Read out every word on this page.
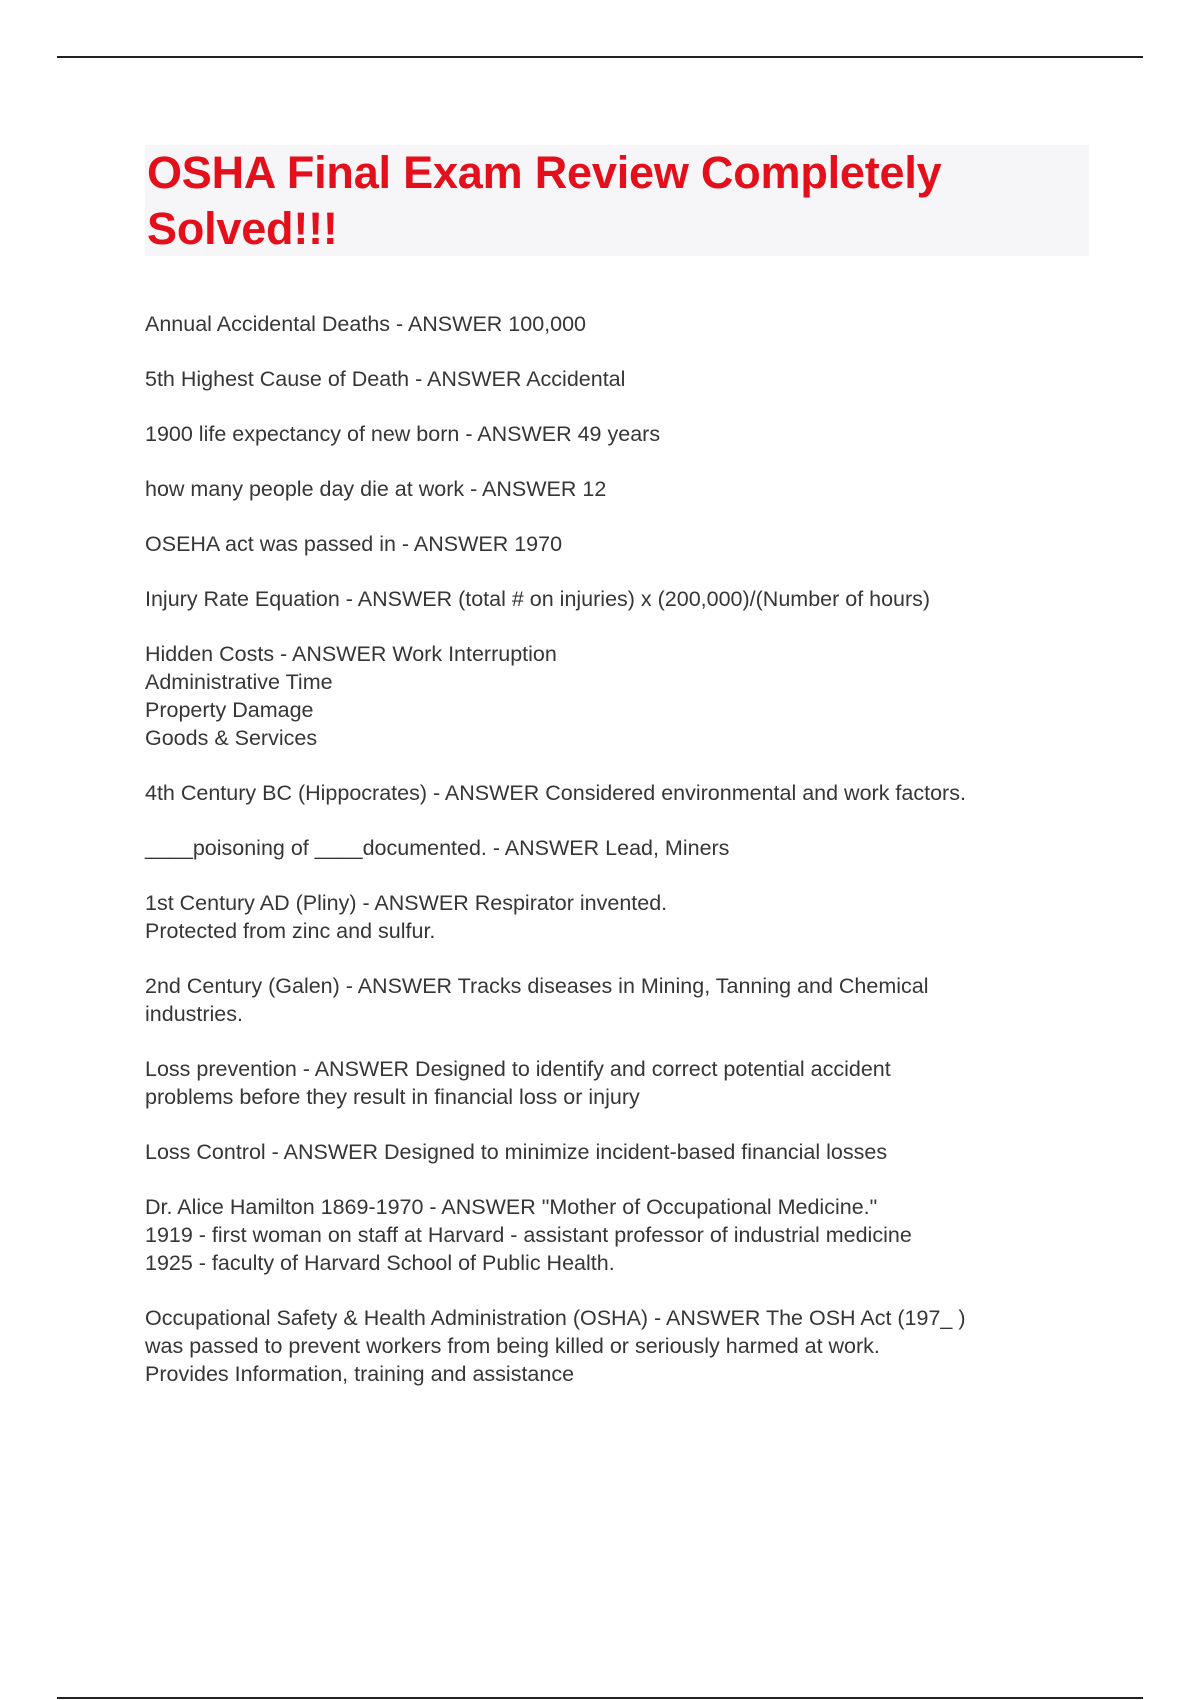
OSHA Final Exam Review Completely
Solved!!!

Annual Accidental Deaths - ANSWER 100,000

5th Highest Cause of Death - ANSWER Accidental

1900 life expectancy of new born - ANSWER 49 years

how many people day die at work - ANSWER 12

OSEHA act was passed in - ANSWER 1970

Injury Rate Equation - ANSWER (total # on injuries) x (200,000)/(Number of hours)

Hidden Costs - ANSWER Work Interruption
Administrative Time
Property Damage
Goods & Services

4th Century BC (Hippocrates) - ANSWER Considered environmental and work factors.

____poisoning of ____documented. - ANSWER Lead, Miners

1st Century AD (Pliny) - ANSWER Respirator invented.
Protected from zinc and sulfur.

2nd Century (Galen) - ANSWER Tracks diseases in Mining, Tanning and Chemical
industries.

Loss prevention - ANSWER Designed to identify and correct potential accident
problems before they result in financial loss or injury

Loss Control - ANSWER Designed to minimize incident-based financial losses

Dr. Alice Hamilton 1869-1970 - ANSWER "Mother of Occupational Medicine."
1919 - first woman on staff at Harvard - assistant professor of industrial medicine
1925 - faculty of Harvard School of Public Health.

Occupational Safety & Health Administration (OSHA) - ANSWER The OSH Act (197_ )
was passed to prevent workers from being killed or seriously harmed at work.
Provides Information, training and assistance
